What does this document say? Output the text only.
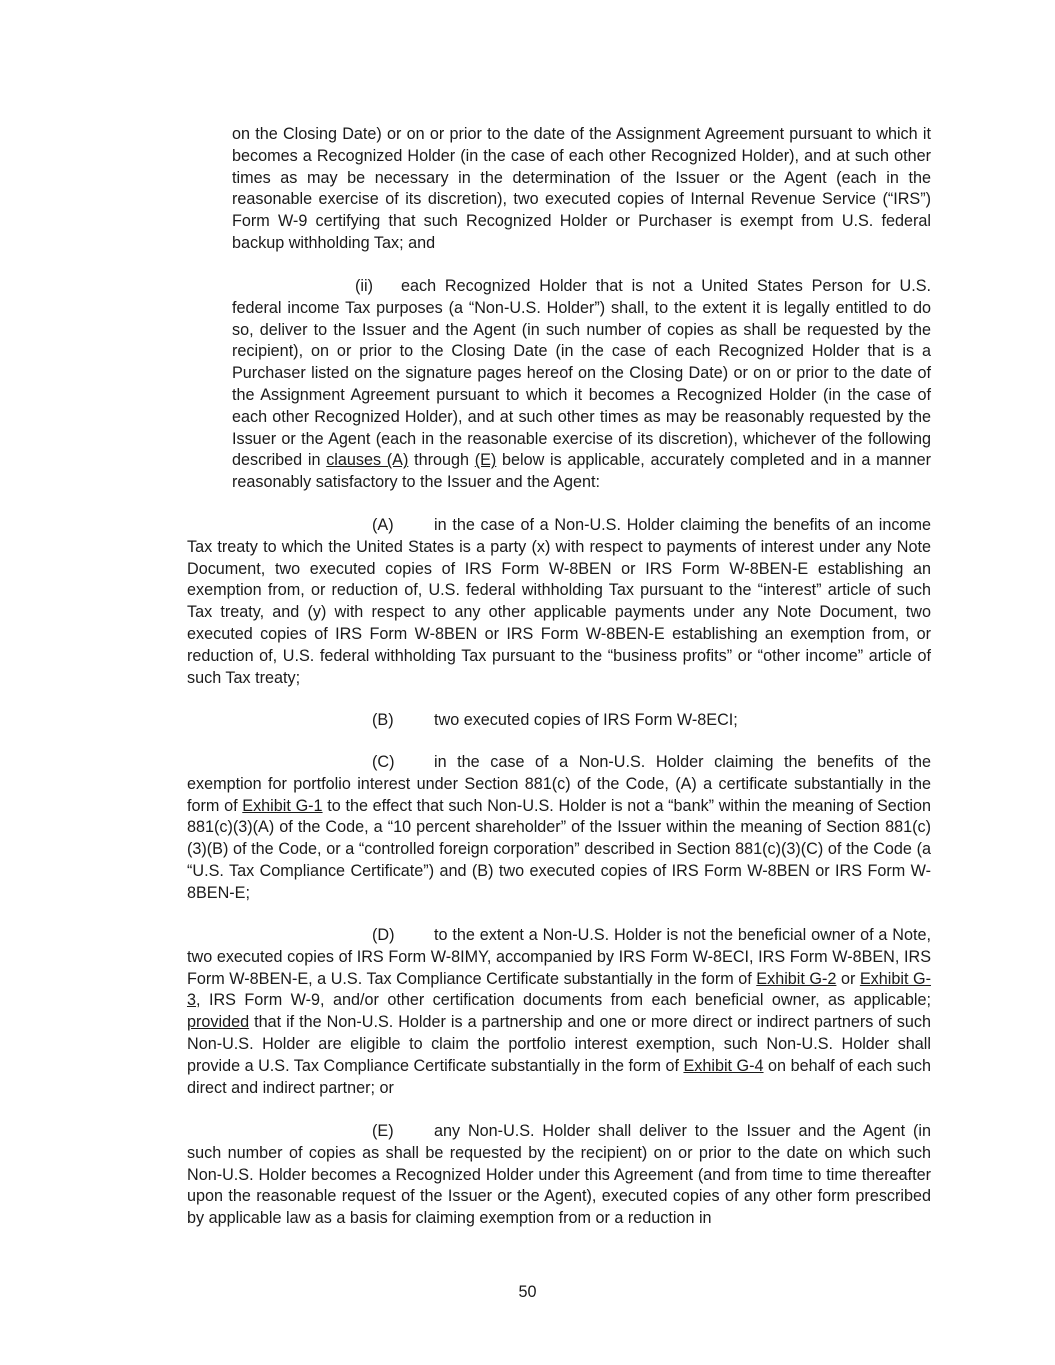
on the Closing Date) or on or prior to the date of the Assignment Agreement pursuant to which it becomes a Recognized Holder (in the case of each other Recognized Holder), and at such other times as may be necessary in the determination of the Issuer or the Agent (each in the reasonable exercise of its discretion), two executed copies of Internal Revenue Service (“IRS”) Form W-9 certifying that such Recognized Holder or Purchaser is exempt from U.S. federal backup withholding Tax; and

(ii) each Recognized Holder that is not a United States Person for U.S. federal income Tax purposes (a “Non-U.S. Holder”) shall, to the extent it is legally entitled to do so, deliver to the Issuer and the Agent (in such number of copies as shall be requested by the recipient), on or prior to the Closing Date (in the case of each Recognized Holder that is a Purchaser listed on the signature pages hereof on the Closing Date) or on or prior to the date of the Assignment Agreement pursuant to which it becomes a Recognized Holder (in the case of each other Recognized Holder), and at such other times as may be reasonably requested by the Issuer or the Agent (each in the reasonable exercise of its discretion), whichever of the following described in clauses (A) through (E) below is applicable, accurately completed and in a manner reasonably satisfactory to the Issuer and the Agent:

(A) in the case of a Non-U.S. Holder claiming the benefits of an income Tax treaty to which the United States is a party (x) with respect to payments of interest under any Note Document, two executed copies of IRS Form W-8BEN or IRS Form W-8BEN-E establishing an exemption from, or reduction of, U.S. federal withholding Tax pursuant to the “interest” article of such Tax treaty, and (y) with respect to any other applicable payments under any Note Document, two executed copies of IRS Form W-8BEN or IRS Form W-8BEN-E establishing an exemption from, or reduction of, U.S. federal withholding Tax pursuant to the “business profits” or “other income” article of such Tax treaty;

(B) two executed copies of IRS Form W-8ECI;

(C) in the case of a Non-U.S. Holder claiming the benefits of the exemption for portfolio interest under Section 881(c) of the Code, (A) a certificate substantially in the form of Exhibit G-1 to the effect that such Non-U.S. Holder is not a “bank” within the meaning of Section 881(c)(3)(A) of the Code, a “10 percent shareholder” of the Issuer within the meaning of Section 881(c)(3)(B) of the Code, or a “controlled foreign corporation” described in Section 881(c)(3)(C) of the Code (a “U.S. Tax Compliance Certificate”) and (B) two executed copies of IRS Form W-8BEN or IRS Form W-8BEN-E;

(D) to the extent a Non-U.S. Holder is not the beneficial owner of a Note, two executed copies of IRS Form W-8IMY, accompanied by IRS Form W-8ECI, IRS Form W-8BEN, IRS Form W-8BEN-E, a U.S. Tax Compliance Certificate substantially in the form of Exhibit G-2 or Exhibit G-3, IRS Form W-9, and/or other certification documents from each beneficial owner, as applicable; provided that if the Non-U.S. Holder is a partnership and one or more direct or indirect partners of such Non-U.S. Holder are eligible to claim the portfolio interest exemption, such Non-U.S. Holder shall provide a U.S. Tax Compliance Certificate substantially in the form of Exhibit G-4 on behalf of each such direct and indirect partner; or

(E) any Non-U.S. Holder shall deliver to the Issuer and the Agent (in such number of copies as shall be requested by the recipient) on or prior to the date on which such Non-U.S. Holder becomes a Recognized Holder under this Agreement (and from time to time thereafter upon the reasonable request of the Issuer or the Agent), executed copies of any other form prescribed by applicable law as a basis for claiming exemption from or a reduction in

50
